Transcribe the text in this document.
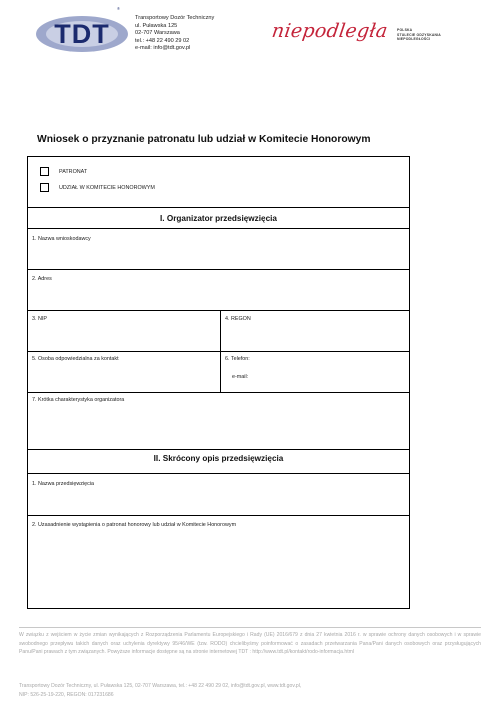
TDT
®
Transportowy Dozór Techniczny
ul. Puławska 125
02-707 Warszawa
tel.: +48 22 490 29 02
e-mail: info@tdt.gov.pl
niepodległa POLSKA
STULECIE ODZYSKANIA
NIEPODLEGŁOŚCI
Wniosek o przyznanie patronatu lub udział w Komitecie Honorowym
PATRONAT
UDZIAŁ W KOMITECIE HONOROWYM
I. Organizator przedsięwzięcia
1. Nazwa wnioskodawcy
2. Adres
3. NIP	4. REGON
5. Osoba odpowiedzialna za kontakt	6. Telefon:
e-mail:
7. Krótka charakterystyka organizatora
II. Skrócony opis przedsięwzięcia
1. Nazwa przedsięwzięcia
2. Uzasadnienie wystąpienia o patronat honorowy lub udział w Komitecie Honorowym
W związku z wejściem w życie zmian wynikających z Rozporządzenia Parlamentu Europejskiego i Rady (UE) 2016/679 z dnia 27 kwietnia 2016 r. w sprawie ochrony danych osobowych i w sprawie swobodnego przepływu takich danych oraz uchylenia dyrektywy 95/46/WE (tzw. RODO) chcielibyśmy poinformować o zasadach przetwarzania Pana/Pani danych osobowych oraz przysługujących Panu/Pani prawach z tym związanych. Powyższe informacje dostępne są na stronie internetowej TDT : http://www.tdt.pl/kontakt/rodo-informacja.html
Transportowy Dozór Techniczny, ul. Puławska 125, 02-707 Warszawa, tel.: +48 22 490 29 02, info@tdt.gov.pl, www.tdt.gov.pl,
NIP: 526-25-19-220, REGON: 017231686
